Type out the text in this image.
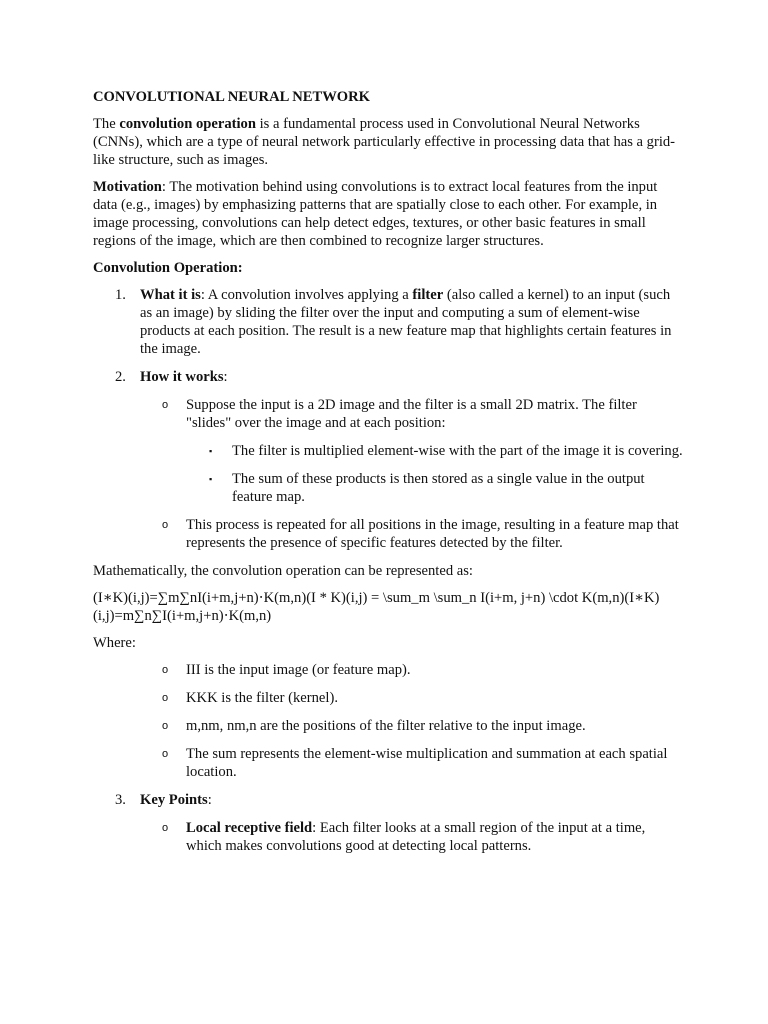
CONVOLUTIONAL NEURAL NETWORK

The convolution operation is a fundamental process used in Convolutional Neural Networks (CNNs), which are a type of neural network particularly effective in processing data that has a grid-like structure, such as images.

Motivation: The motivation behind using convolutions is to extract local features from the input data (e.g., images) by emphasizing patterns that are spatially close to each other. For example, in image processing, convolutions can help detect edges, textures, or other basic features in small regions of the image, which are then combined to recognize larger structures.

Convolution Operation:

1. What it is: A convolution involves applying a filter (also called a kernel) to an input (such as an image) by sliding the filter over the input and computing a sum of element-wise products at each position. The result is a new feature map that highlights certain features in the image.

2. How it works:

o Suppose the input is a 2D image and the filter is a small 2D matrix. The filter "slides" over the image and at each position:

▪ The filter is multiplied element-wise with the part of the image it is covering.

▪ The sum of these products is then stored as a single value in the output feature map.

o This process is repeated for all positions in the image, resulting in a feature map that represents the presence of specific features detected by the filter.

Mathematically, the convolution operation can be represented as:

(I∗K)(i,j)=∑m∑nI(i+m,j+n)⋅K(m,n)(I * K)(i,j) = \sum_m \sum_n I(i+m, j+n) \cdot K(m,n)(I∗K)(i,j)=m∑n∑I(i+m,j+n)⋅K(m,n)

Where:

o III is the input image (or feature map).

o KKK is the filter (kernel).

o m,nm, nm,n are the positions of the filter relative to the input image.

o The sum represents the element-wise multiplication and summation at each spatial location.

3. Key Points:

o Local receptive field: Each filter looks at a small region of the input at a time, which makes convolutions good at detecting local patterns.
